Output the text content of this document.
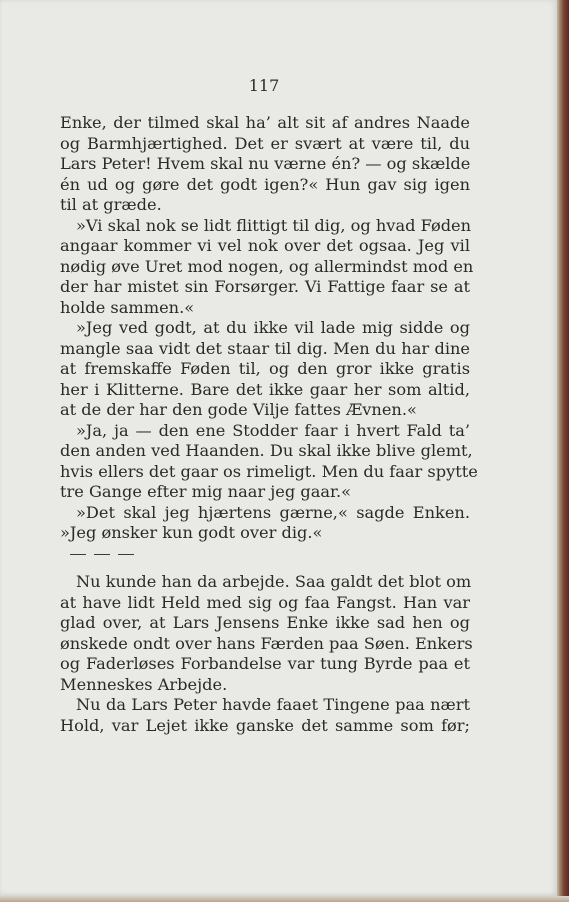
117
Enke, der tilmed skal ha’ alt sit af andres Naade
og Barmhjærtighed. Det er svært at være til, du
Lars Peter! Hvem skal nu værne én? — og skælde
én ud og gøre det godt igen?« Hun gav sig igen
til at græde.
»Vi skal nok se lidt flittigt til dig, og hvad Føden
angaar kommer vi vel nok over det ogsaa. Jeg vil
nødig øve Uret mod nogen, og allermindst mod en
der har mistet sin Forsørger. Vi Fattige faar se at
holde sammen.«
»Jeg ved godt, at du ikke vil lade mig sidde og
mangle saa vidt det staar til dig. Men du har dine
at fremskaffe Føden til, og den gror ikke gratis
her i Klitterne. Bare det ikke gaar her som altid,
at de der har den gode Vilje fattes Ævnen.«
»Ja, ja — den ene Stodder faar i hvert Fald ta’
den anden ved Haanden. Du skal ikke blive glemt,
hvis ellers det gaar os rimeligt. Men du faar spytte
tre Gange efter mig naar jeg gaar.«
»Det skal jeg hjærtens gærne,« sagde Enken.
»Jeg ønsker kun godt over dig.«
Nu kunde han da arbejde. Saa galdt det blot om
at have lidt Held med sig og faa Fangst. Han var
glad over, at Lars Jensens Enke ikke sad hen og
ønskede ondt over hans Færden paa Søen. Enkers
og Faderløses Forbandelse var tung Byrde paa et
Menneskes Arbejde.
Nu da Lars Peter havde faaet Tingene paa nært
Hold, var Lejet ikke ganske det samme som før;
